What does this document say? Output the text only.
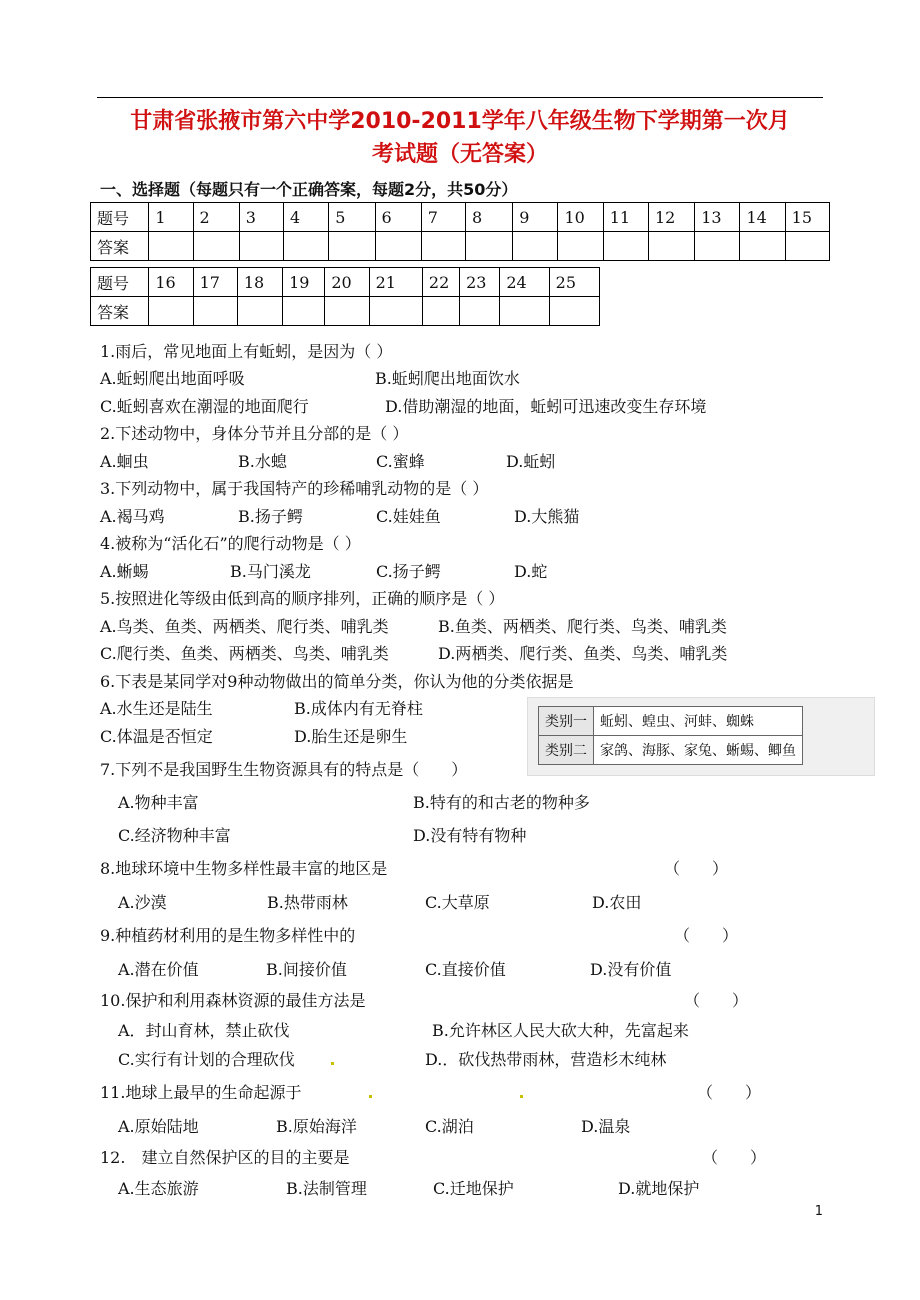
甘肃省张掖市第六中学2010-2011学年八年级生物下学期第一次月
考试题（无答案）
一、选择题（每题只有一个正确答案，每题2分，共50分）
题号	1	2	3	4	5	6	7	8	9	10	11	12	13	14	15
答案															
题号	16	17	18	19	20	21	22	23	24	25
答案										
1.雨后，常见地面上有蚯蚓，是因为（ ）
A.蚯蚓爬出地面呼吸	B.蚯蚓爬出地面饮水
C.蚯蚓喜欢在潮湿的地面爬行	D.借助潮湿的地面，蚯蚓可迅速改变生存环境
2.下述动物中，身体分节并且分部的是（ ）
A.蛔虫	B.水螅	C.蜜蜂	D.蚯蚓
3.下列动物中，属于我国特产的珍稀哺乳动物的是（ ）
A.褐马鸡	B.扬子鳄	C.娃娃鱼	D.大熊猫
4.被称为“活化石”的爬行动物是（ ）
A.蜥蜴	B.马门溪龙	C.扬子鳄	D.蛇
5.按照进化等级由低到高的顺序排列，正确的顺序是（ ）
A.鸟类、鱼类、两栖类、爬行类、哺乳类	B.鱼类、两栖类、爬行类、鸟类、哺乳类
C.爬行类、鱼类、两栖类、鸟类、哺乳类	D.两栖类、爬行类、鱼类、鸟类、哺乳类
6.下表是某同学对9种动物做出的简单分类，你认为他的分类依据是
A.水生还是陆生	B.成体内有无脊柱
C.体温是否恒定	D.胎生还是卵生
类别一	蚯蚓、蝗虫、河蚌、蜘蛛
类别二	家鸽、海豚、家兔、蜥蜴、鲫鱼
7.下列不是我国野生生物资源具有的特点是（　　）
A.物种丰富	B.特有的和古老的物种多
C.经济物种丰富	D.没有特有物种
8.地球环境中生物多样性最丰富的地区是	（　　）
A.沙漠	B.热带雨林	C.大草原	D.农田
9.种植药材利用的是生物多样性中的	（　　）
A.潜在价值	B.间接价值	C.直接价值	D.没有价值
10.保护和利用森林资源的最佳方法是	（　　）
A．封山育林，禁止砍伐	B.允许林区人民大砍大种，先富起来
C.实行有计划的合理砍伐	D.．砍伐热带雨林，营造杉木纯林
11.地球上最早的生命起源于	（　　）
A.原始陆地	B.原始海洋	C.湖泊	D.温泉
12.　建立自然保护区的目的主要是	（　　）
A.生态旅游	B.法制管理	C.迁地保护	D.就地保护
1
